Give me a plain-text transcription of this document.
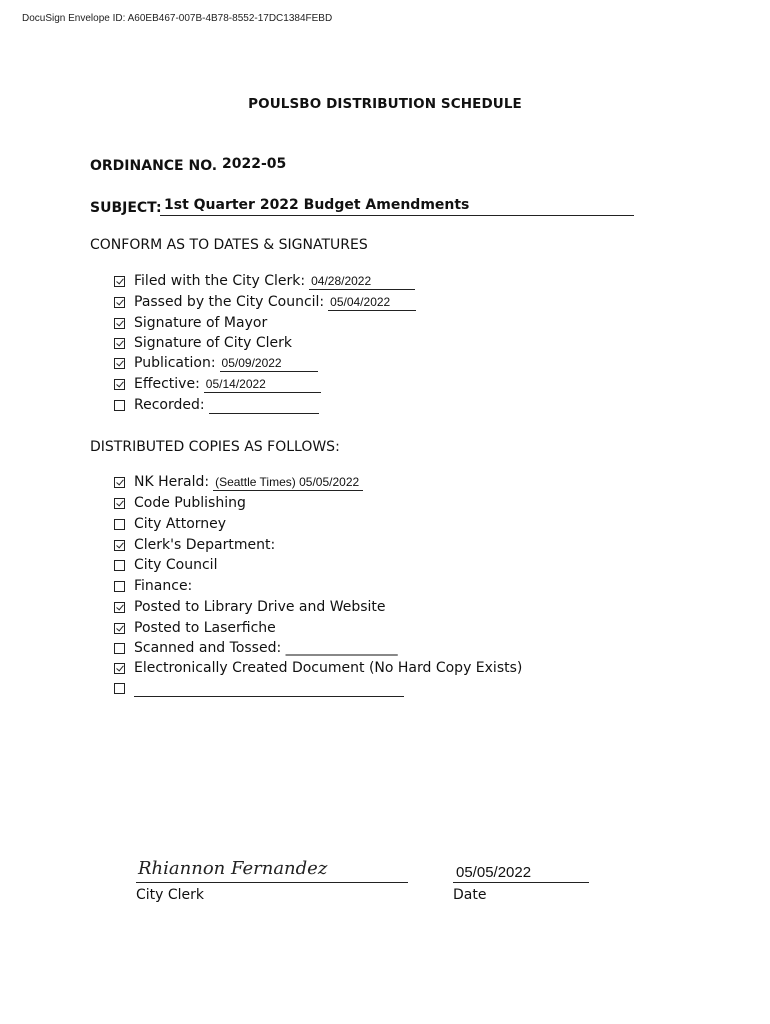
DocuSign Envelope ID: A60EB467-007B-4B78-8552-17DC1384FEBD
POULSBO DISTRIBUTION SCHEDULE
ORDINANCE NO. 2022-05
SUBJECT: 1st Quarter 2022 Budget Amendments
CONFORM AS TO DATES & SIGNATURES
Filed with the City Clerk: 04/28/2022
Passed by the City Council: 05/04/2022
Signature of Mayor
Signature of City Clerk
Publication: 05/09/2022
Effective: 05/14/2022
Recorded:
DISTRIBUTED COPIES AS FOLLOWS:
NK Herald: (Seattle Times) 05/05/2022
Code Publishing
City Attorney
Clerk's Department:
City Council
Finance:
Posted to Library Drive and Website
Posted to Laserfiche
Scanned and Tossed: ________________
Electronically Created Document (No Hard Copy Exists)
Rhiannon Fernandez
City Clerk
05/05/2022
Date
